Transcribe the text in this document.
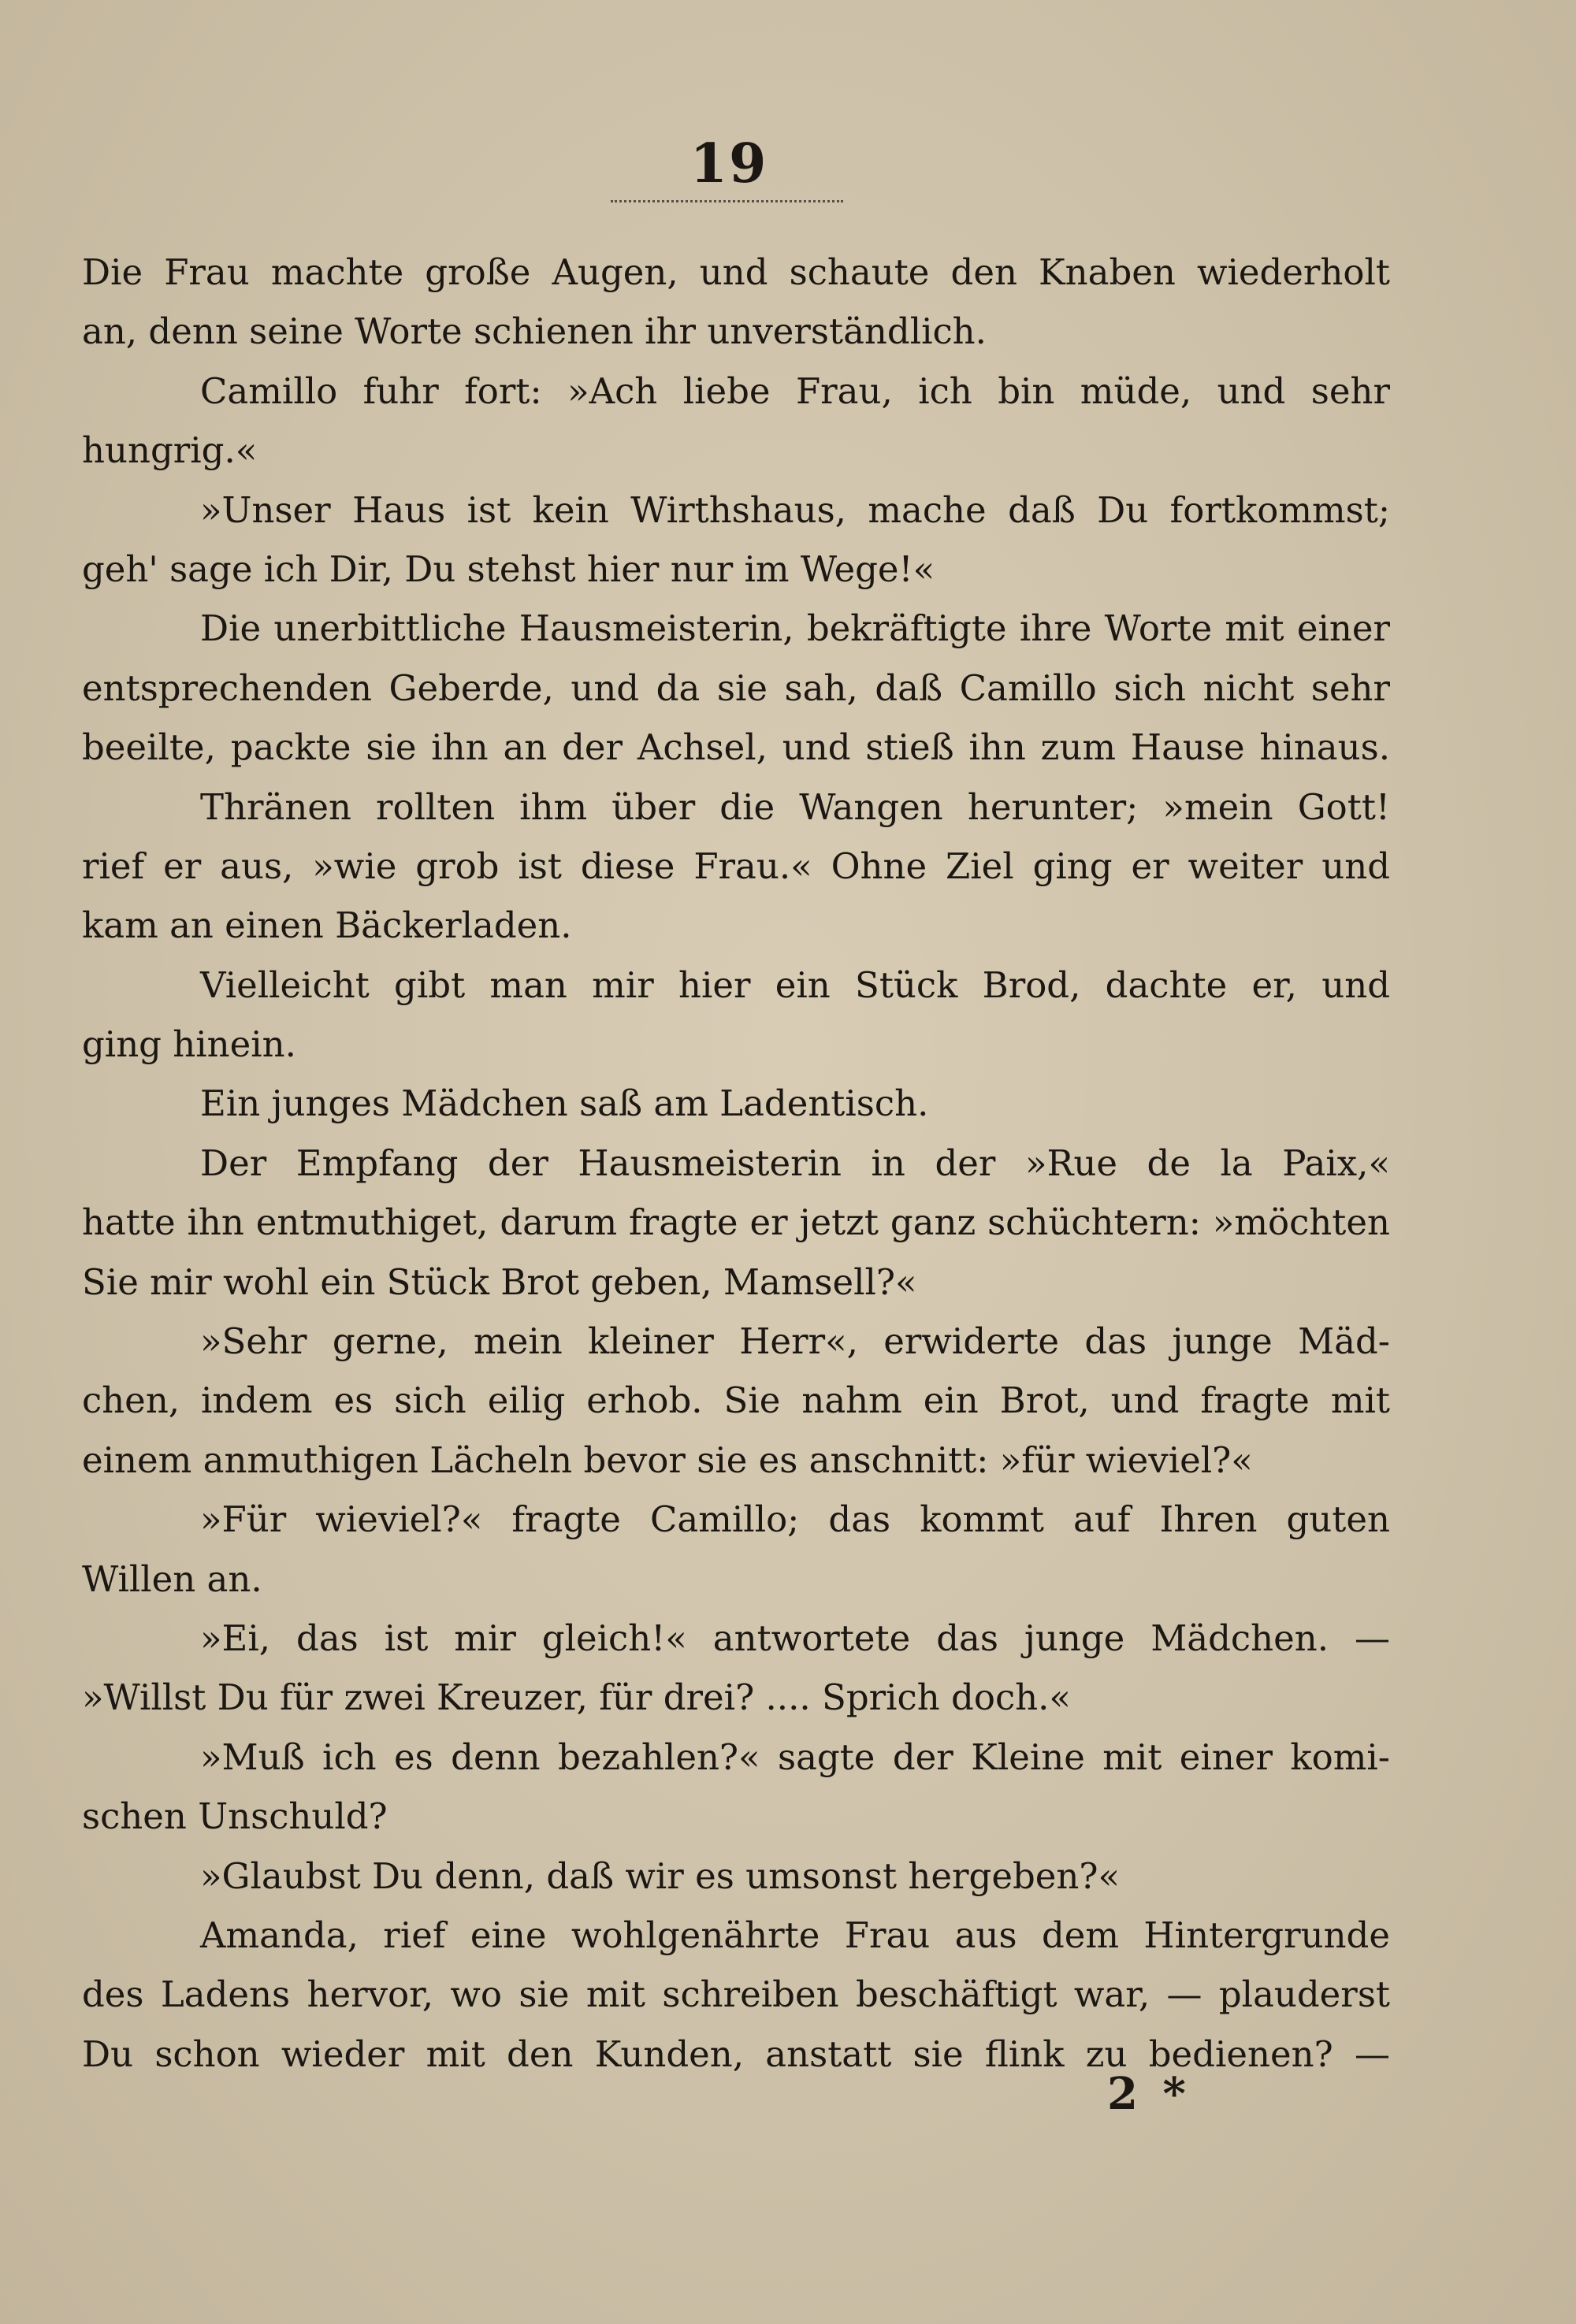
19
Die Frau machte große Augen, und schaute den Knaben wiederholt
an, denn seine Worte schienen ihr unverständlich.
Camillo fuhr fort: »Ach liebe Frau, ich bin müde, und sehr
hungrig.«
»Unser Haus ist kein Wirthshaus, mache daß Du fortkommst;
geh' sage ich Dir, Du stehst hier nur im Wege!«
Die unerbittliche Hausmeisterin, bekräftigte ihre Worte mit einer
entsprechenden Geberde, und da sie sah, daß Camillo sich nicht sehr
beeilte, packte sie ihn an der Achsel, und stieß ihn zum Hause hinaus.
Thränen rollten ihm über die Wangen herunter; »mein Gott!
rief er aus, »wie grob ist diese Frau.« Ohne Ziel ging er weiter und
kam an einen Bäckerladen.
Vielleicht gibt man mir hier ein Stück Brod, dachte er, und
ging hinein.
Ein junges Mädchen saß am Ladentisch.
Der Empfang der Hausmeisterin in der »Rue de la Paix,«
hatte ihn entmuthiget, darum fragte er jetzt ganz schüchtern: »möchten
Sie mir wohl ein Stück Brot geben, Mamsell?«
»Sehr gerne, mein kleiner Herr«, erwiderte das junge Mäd-
chen, indem es sich eilig erhob. Sie nahm ein Brot, und fragte mit
einem anmuthigen Lächeln bevor sie es anschnitt: »für wieviel?«
»Für wieviel?« fragte Camillo; das kommt auf Ihren guten
Willen an.
»Ei, das ist mir gleich!« antwortete das junge Mädchen. —
»Willst Du für zwei Kreuzer, für drei? .... Sprich doch.«
»Muß ich es denn bezahlen?« sagte der Kleine mit einer komi-
schen Unschuld?
»Glaubst Du denn, daß wir es umsonst hergeben?«
Amanda, rief eine wohlgenährte Frau aus dem Hintergrunde
des Ladens hervor, wo sie mit schreiben beschäftigt war, — plauderst
Du schon wieder mit den Kunden, anstatt sie flink zu bedienen? —
2 *
